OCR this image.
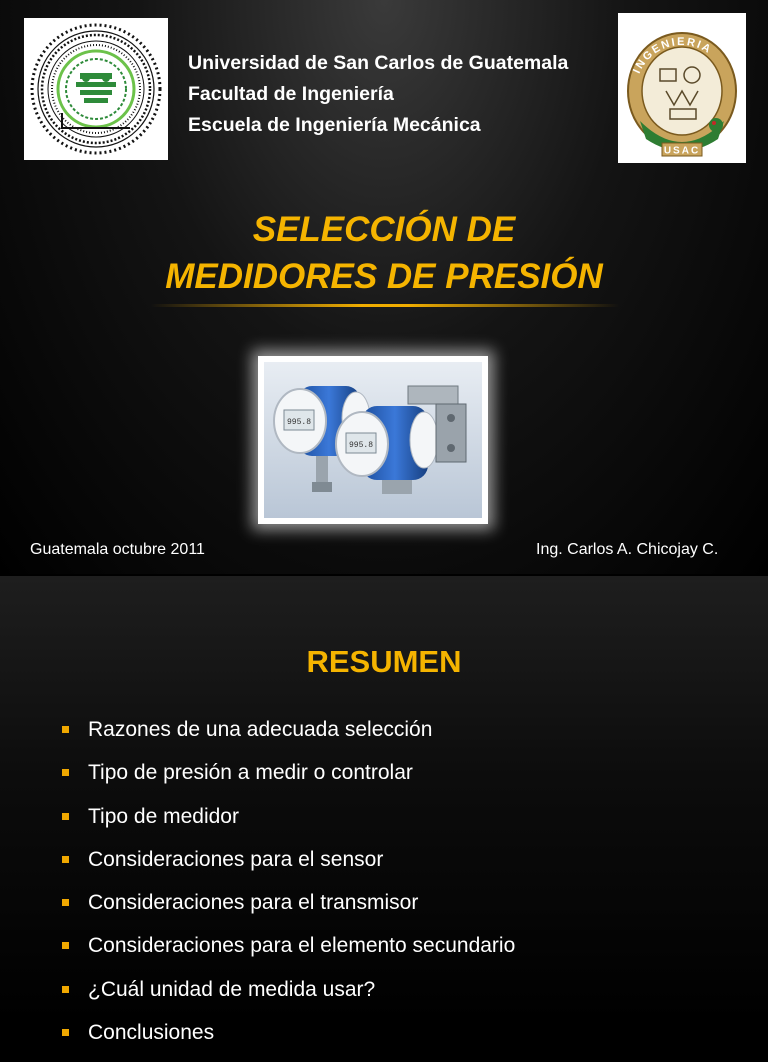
Universidad de San Carlos de Guatemala
Facultad de Ingeniería
Escuela de Ingeniería Mecánica
INGENIERIA
USAC
SELECCIÓN DE
MEDIDORES DE PRESIÓN
995.8
995.8
Guatemala octubre 2011	Ing. Carlos A. Chicojay C.
RESUMEN
Razones de una adecuada selección
Tipo de presión a medir o controlar
Tipo de medidor
Consideraciones para el sensor
Consideraciones para el transmisor
Consideraciones para el elemento secundario
¿Cuál unidad de medida usar?
Conclusiones
